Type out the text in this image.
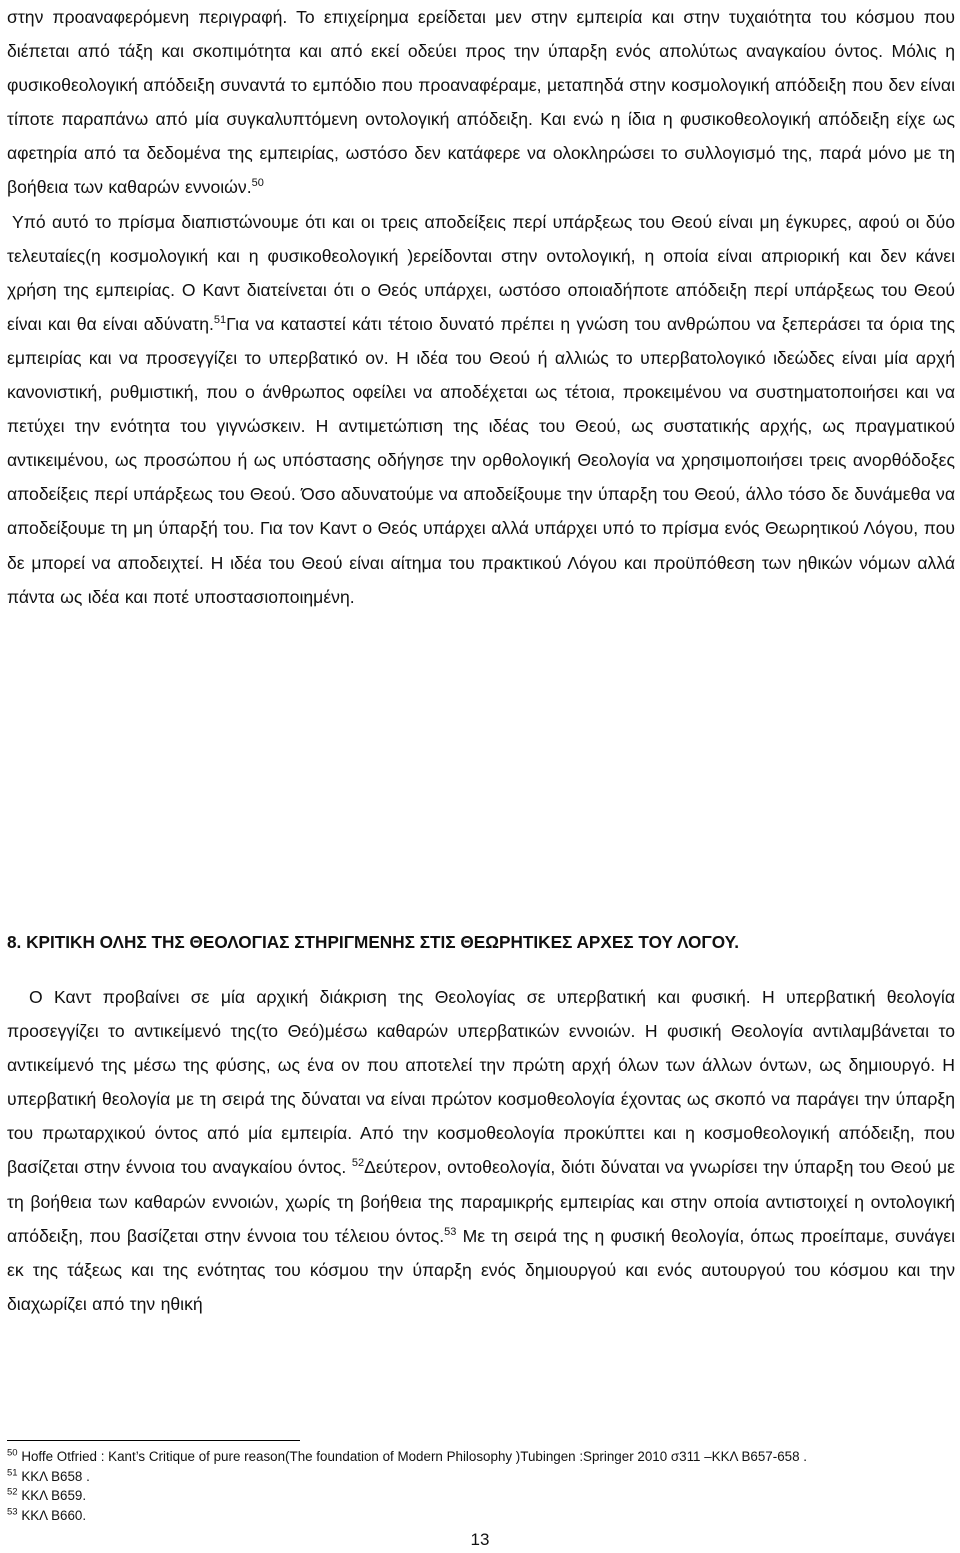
στην προαναφερόμενη περιγραφή. Το επιχείρημα ερείδεται μεν στην εμπειρία και στην τυχαιότητα του κόσμου που διέπεται από τάξη και σκοπιμότητα και από εκεί οδεύει προς την ύπαρξη ενός απολύτως αναγκαίου όντος. Μόλις η φυσικοθεολογική απόδειξη συναντά το εμπόδιο που προαναφέραμε, μεταπηδά στην κοσμολογική απόδειξη που δεν είναι τίποτε παραπάνω από μία συγκαλυπτόμενη οντολογική απόδειξη. Και ενώ η ίδια η φυσικοθεολογική απόδειξη είχε ως αφετηρία από τα δεδομένα της εμπειρίας, ωστόσο δεν κατάφερε να ολοκληρώσει το συλλογισμό της, παρά μόνο με τη βοήθεια των καθαρών εννοιών.$^{50}$

Υπό αυτό το πρίσμα διαπιστώνουμε ότι και οι τρεις αποδείξεις περί υπάρξεως του Θεού είναι μη έγκυρες, αφού οι δύο τελευταίες(η κοσμολογική και η φυσικοθεολογική )ερείδονται στην οντολογική, η οποία είναι απριορική και δεν κάνει χρήση της εμπειρίας. Ο Καντ διατείνεται ότι ο Θεός υπάρχει, ωστόσο οποιαδήποτε απόδειξη περί υπάρξεως του Θεού είναι και θα είναι αδύνατη.$^{51}$Για να καταστεί κάτι τέτοιο δυνατό πρέπει η γνώση του ανθρώπου να ξεπεράσει τα όρια της εμπειρίας και να προσεγγίζει το υπερβατικό ον. Η ιδέα του Θεού ή αλλιώς το υπερβατολογικό ιδεώδες είναι μία αρχή κανονιστική, ρυθμιστική, που ο άνθρωπος οφείλει να αποδέχεται ως τέτοια, προκειμένου να συστηματοποιήσει και να πετύχει την ενότητα του γιγνώσκειν. Η αντιμετώπιση της ιδέας του Θεού, ως συστατικής αρχής, ως πραγματικού αντικειμένου, ως προσώπου ή ως υπόστασης οδήγησε την ορθολογική Θεολογία να χρησιμοποιήσει τρεις ανορθόδοξες αποδείξεις περί υπάρξεως του Θεού. Όσο αδυνατούμε να αποδείξουμε την ύπαρξη του Θεού, άλλο τόσο δε δυνάμεθα να αποδείξουμε τη μη ύπαρξή του. Για τον Καντ ο Θεός υπάρχει αλλά υπάρχει υπό το πρίσμα ενός Θεωρητικού Λόγου, που δε μπορεί να αποδειχτεί. Η ιδέα του Θεού είναι αίτημα του πρακτικού Λόγου και προϋπόθεση των ηθικών νόμων αλλά πάντα ως ιδέα και ποτέ υποστασιοποιημένη.

8. ΚΡΙΤΙΚΗ ΟΛΗΣ ΤΗΣ ΘΕΟΛΟΓΙΑΣ ΣΤΗΡΙΓΜΕΝΗΣ ΣΤΙΣ ΘΕΩΡΗΤΙΚΕΣ ΑΡΧΕΣ ΤΟΥ ΛΟΓΟΥ.

Ο Καντ προβαίνει σε μία αρχική διάκριση της Θεολογίας σε υπερβατική και φυσική. Η υπερβατική θεολογία προσεγγίζει το αντικείμενό της(το Θεό)μέσω καθαρών υπερβατικών εννοιών. Η φυσική Θεολογία αντιλαμβάνεται το αντικείμενό της μέσω της φύσης, ως ένα ον που αποτελεί την πρώτη αρχή όλων των άλλων όντων, ως δημιουργό. Η υπερβατική θεολογία με τη σειρά της δύναται να είναι πρώτον κοσμοθεολογία έχοντας ως σκοπό να παράγει την ύπαρξη του πρωταρχικού όντος από μία εμπειρία. Από την κοσμοθεολογία προκύπτει και η κοσμοθεολογική απόδειξη, που βασίζεται στην έννοια του αναγκαίου όντος. $^{52}$Δεύτερον, οντοθεολογία, διότι δύναται να γνωρίσει την ύπαρξη του Θεού με τη βοήθεια των καθαρών εννοιών, χωρίς τη βοήθεια της παραμικρής εμπειρίας και στην οποία αντιστοιχεί η οντολογική απόδειξη, που βασίζεται στην έννοια του τέλειου όντος.$^{53}$ Με τη σειρά της η φυσική θεολογία, όπως προείπαμε, συνάγει εκ της τάξεως και της ενότητας του κόσμου την ύπαρξη ενός δημιουργού και ενός αυτουργού του κόσμου και την διαχωρίζει από την ηθική

$^{50}$ Hoffe Otfried : Kant’s Critique of pure reason(The foundation of Modern Philosophy )Tubingen :Springer 2010 σ311 –ΚΚΛ Β657-658 .

$^{51}$ ΚΚΛ Β658 .

$^{52}$ ΚΚΛ Β659.

$^{53}$ ΚΚΛ Β660.

13
